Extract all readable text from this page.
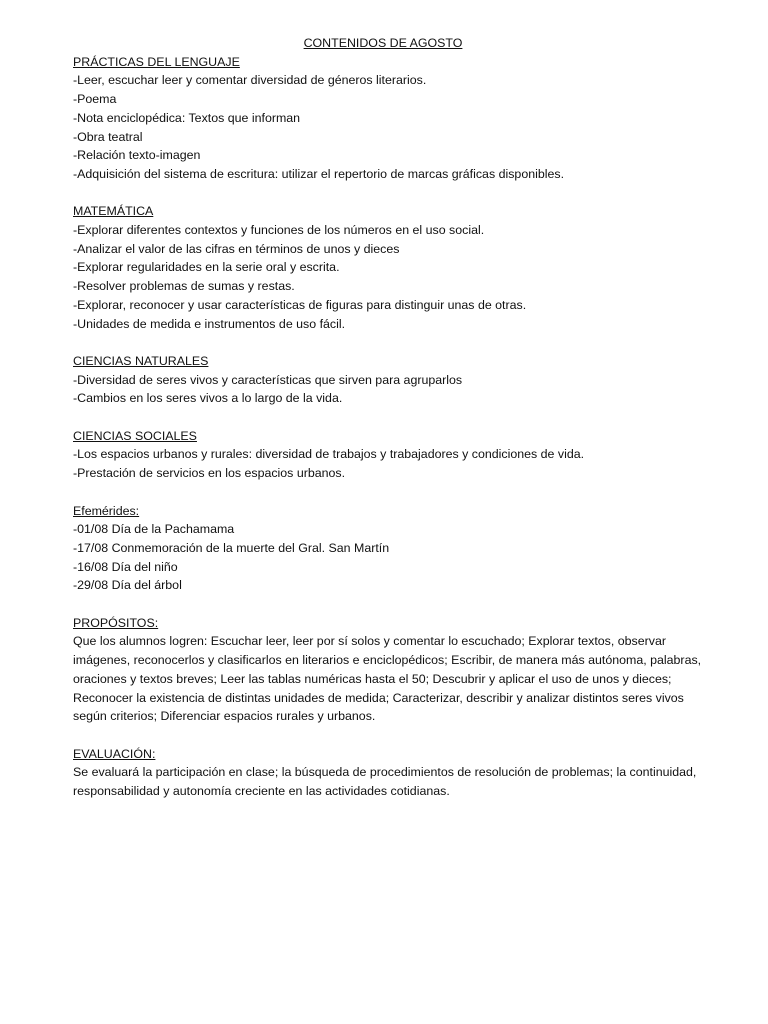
CONTENIDOS DE AGOSTO
PRÁCTICAS DEL LENGUAJE
-Leer, escuchar leer y comentar diversidad de géneros literarios.
-Poema
-Nota enciclopédica: Textos que informan
-Obra teatral
-Relación texto-imagen
-Adquisición del sistema de escritura: utilizar el repertorio de marcas gráficas disponibles.
MATEMÁTICA
-Explorar diferentes contextos y funciones de los números en el uso social.
-Analizar el valor de las cifras en términos de unos y dieces
-Explorar regularidades en la serie oral y escrita.
-Resolver problemas de sumas y restas.
-Explorar, reconocer y usar características de figuras para distinguir unas de otras.
-Unidades de medida e instrumentos de uso fácil.
CIENCIAS NATURALES
-Diversidad de seres vivos y características que sirven para agruparlos
-Cambios en los seres vivos a lo largo de la vida.
CIENCIAS SOCIALES
-Los espacios urbanos y rurales: diversidad de trabajos y trabajadores y condiciones de vida.
-Prestación de servicios en los espacios urbanos.
Efemérides:
-01/08 Día de la Pachamama
-17/08 Conmemoración de la muerte del Gral. San Martín
-16/08 Día del niño
-29/08 Día del árbol
PROPÓSITOS:

Que los alumnos logren: Escuchar leer, leer por sí solos y comentar lo escuchado; Explorar textos, observar imágenes, reconocerlos y clasificarlos en literarios e enciclopédicos; Escribir, de manera más autónoma, palabras, oraciones y textos breves; Leer las tablas numéricas hasta el 50; Descubrir y aplicar el uso de unos y dieces; Reconocer la existencia de distintas unidades de medida; Caracterizar, describir y analizar distintos seres vivos según criterios; Diferenciar espacios rurales y urbanos.

EVALUACIÓN:

Se evaluará la participación en clase; la búsqueda de procedimientos de resolución de problemas; la continuidad, responsabilidad y autonomía creciente en las actividades cotidianas.
